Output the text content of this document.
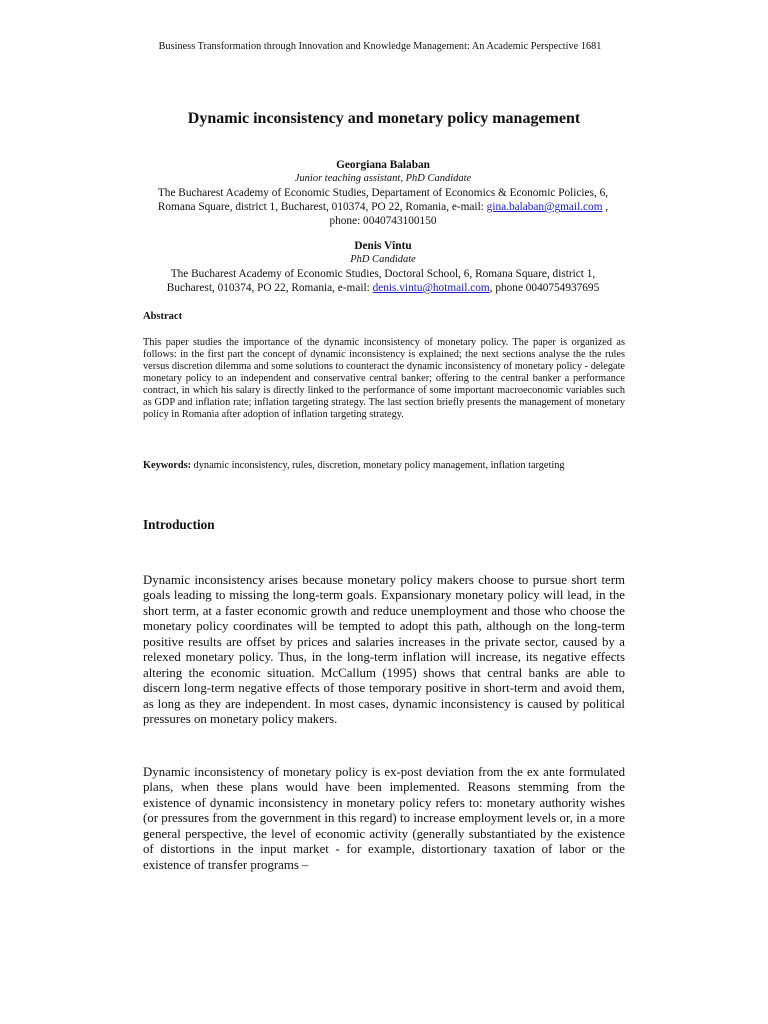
Business Transformation through Innovation and Knowledge Management: An Academic Perspective 1681
Dynamic inconsistency and monetary policy management
Georgiana Balaban
Junior teaching assistant, PhD Candidate
The Bucharest Academy of Economic Studies, Departament of Economics & Economic Policies, 6,
Romana Square, district 1, Bucharest, 010374, PO 22, Romania, e-mail: gina.balaban@gmail.com ,
phone: 0040743100150
Denis Vîntu
PhD Candidate
The Bucharest Academy of Economic Studies, Doctoral School, 6, Romana Square, district 1,
Bucharest, 010374, PO 22, Romania, e-mail: denis.vintu@hotmail.com, phone 0040754937695
Abstract
This paper studies the importance of the dynamic inconsistency of monetary policy. The paper is organized as follows: in the first part the concept of dynamic inconsistency is explained; the next sections analyse the the rules versus discretion dilemma and some solutions to counteract the dynamic inconsistency of monetary policy - delegate monetary policy to an independent and conservative central banker; offering to the central banker a performance contract, in which his salary is directly linked to the performance of some important macroeconomic variables such as GDP and inflation rate; inflation targeting strategy. The last section briefly presents the management of monetary policy in Romania after adoption of inflation targeting strategy.
Keywords: dynamic inconsistency, rules, discretion, monetary policy management, inflation targeting
Introduction
Dynamic inconsistency arises because monetary policy makers choose to pursue short term goals leading to missing the long-term goals. Expansionary monetary policy will lead, in the short term, at a faster economic growth and reduce unemployment and those who choose the monetary policy coordinates will be tempted to adopt this path, although on the long-term positive results are offset by prices and salaries increases in the private sector, caused by a relexed monetary policy. Thus, in the long-term inflation will increase, its negative effects altering the economic situation. McCallum (1995) shows that central banks are able to discern long-term negative effects of those temporary positive in short-term and avoid them, as long as they are independent. In most cases, dynamic inconsistency is caused by political pressures on monetary policy makers.
Dynamic inconsistency of monetary policy is ex-post deviation from the ex ante formulated plans, when these plans would have been implemented. Reasons stemming from the existence of dynamic inconsistency in monetary policy refers to: monetary authority wishes (or pressures from the government in this regard) to increase employment levels or, in a more general perspective, the level of economic activity (generally substantiated by the existence of distortions in the input market - for example, distortionary taxation of labor or the existence of transfer programs –
